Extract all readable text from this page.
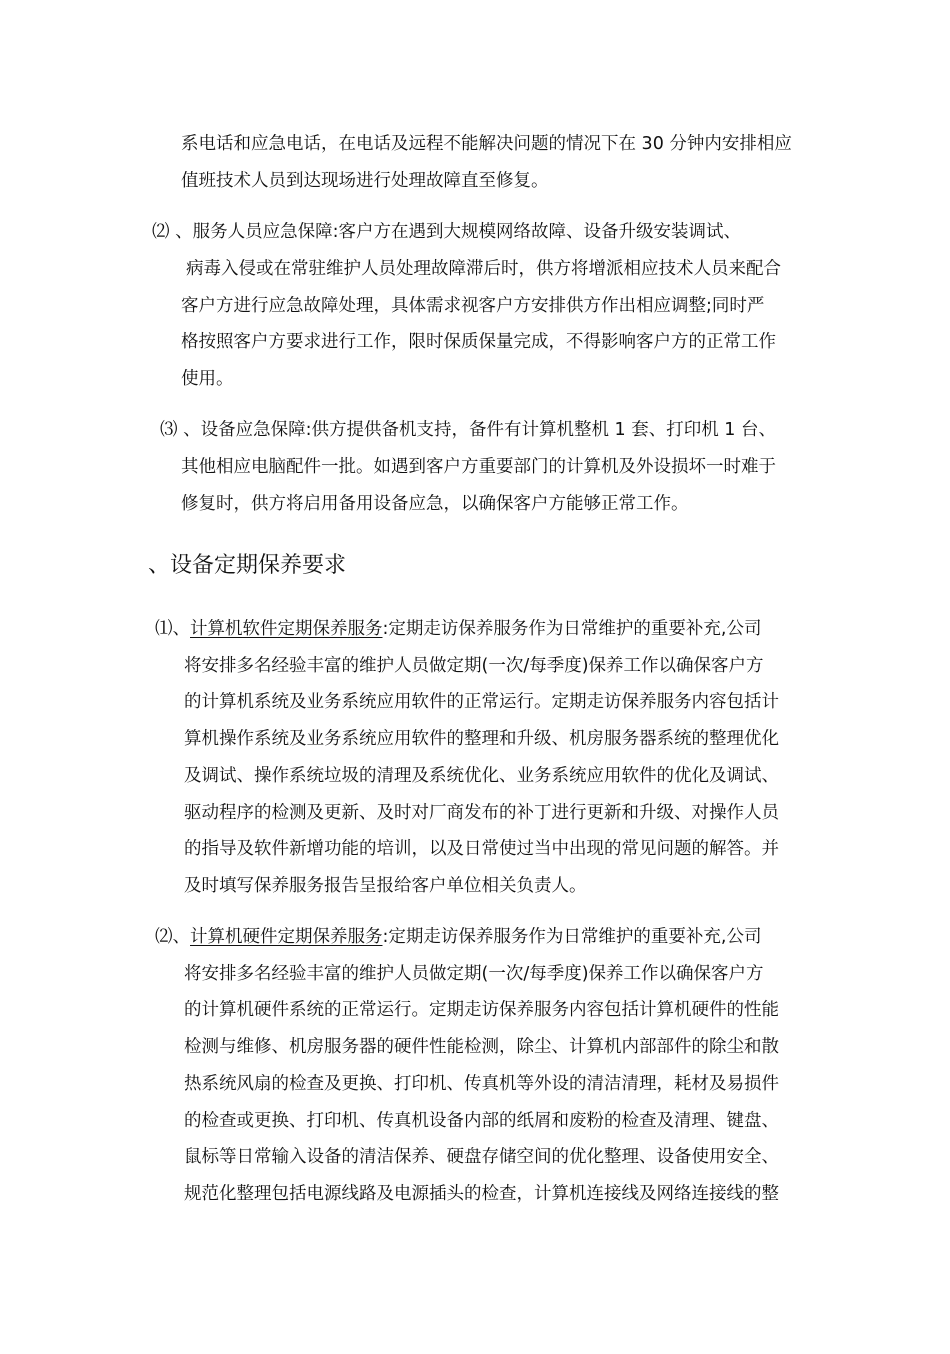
系电话和应急电话，在电话及远程不能解决问题的情况下在 30 分钟内安排相应
值班技术人员到达现场进行处理故障直至修复。
⑵ 、服务人员应急保障:客户方在遇到大规模网络故障、设备升级安装调试、
病毒入侵或在常驻维护人员处理故障滞后时，供方将增派相应技术人员来配合
客户方进行应急故障处理，具体需求视客户方安排供方作出相应调整;同时严
格按照客户方要求进行工作，限时保质保量完成，不得影响客户方的正常工作
使用。
⑶ 、设备应急保障:供方提供备机支持，备件有计算机整机 1 套、打印机 1 台、
其他相应电脑配件一批。如遇到客户方重要部门的计算机及外设损坏一时难于
修复时，供方将启用备用设备应急，以确保客户方能够正常工作。
、设备定期保养要求
⑴、计算机软件定期保养服务:定期走访保养服务作为日常维护的重要补充,公司
将安排多名经验丰富的维护人员做定期(一次/每季度)保养工作以确保客户方
的计算机系统及业务系统应用软件的正常运行。定期走访保养服务内容包括计
算机操作系统及业务系统应用软件的整理和升级、机房服务器系统的整理优化
及调试、操作系统垃圾的清理及系统优化、业务系统应用软件的优化及调试、
驱动程序的检测及更新、及时对厂商发布的补丁进行更新和升级、对操作人员
的指导及软件新增功能的培训，以及日常使过当中出现的常见问题的解答。并
及时填写保养服务报告呈报给客户单位相关负责人。
⑵、计算机硬件定期保养服务:定期走访保养服务作为日常维护的重要补充,公司
将安排多名经验丰富的维护人员做定期(一次/每季度)保养工作以确保客户方
的计算机硬件系统的正常运行。定期走访保养服务内容包括计算机硬件的性能
检测与维修、机房服务器的硬件性能检测，除尘、计算机内部部件的除尘和散
热系统风扇的检查及更换、打印机、传真机等外设的清洁清理，耗材及易损件
的检查或更换、打印机、传真机设备内部的纸屑和废粉的检查及清理、键盘、
鼠标等日常输入设备的清洁保养、硬盘存储空间的优化整理、设备使用安全、
规范化整理包括电源线路及电源插头的检查，计算机连接线及网络连接线的整
